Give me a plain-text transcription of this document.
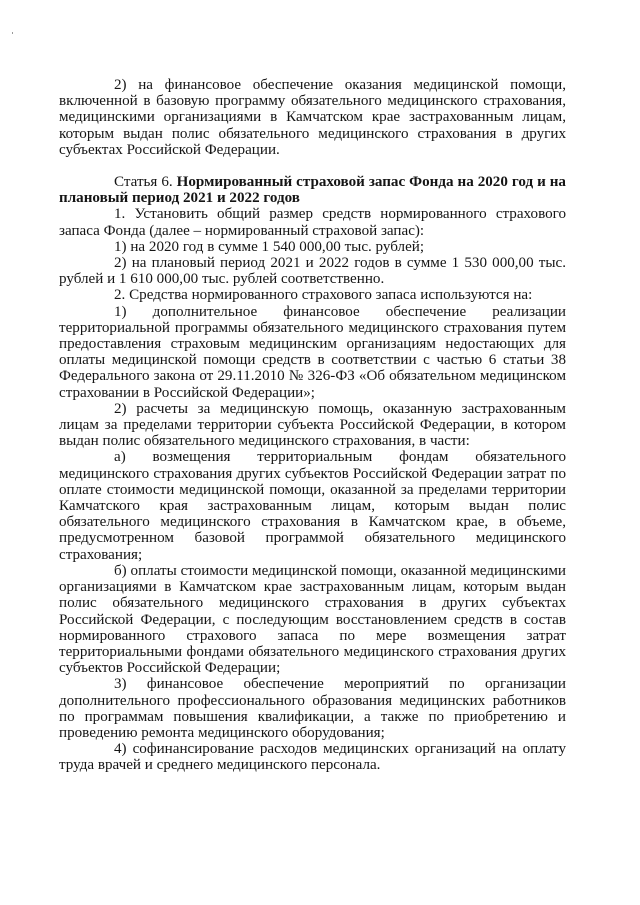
2) на финансовое обеспечение оказания медицинской помощи, включенной в базовую программу обязательного медицинского страхования, медицинскими организациями в Камчатском крае застрахованным лицам, которым выдан полис обязательного медицинского страхования в других субъектах Российской Федерации.

Статья 6. Нормированный страховой запас Фонда на 2020 год и на плановый период 2021 и 2022 годов

1. Установить общий размер средств нормированного страхового запаса Фонда (далее – нормированный страховой запас):

1) на 2020 год в сумме 1 540 000,00 тыс. рублей;

2) на плановый период 2021 и 2022 годов в сумме 1 530 000,00 тыс. рублей и 1 610 000,00 тыс. рублей соответственно.

2. Средства нормированного страхового запаса используются на:

1) дополнительное финансовое обеспечение реализации территориальной программы обязательного медицинского страхования путем предоставления страховым медицинским организациям недостающих для оплаты медицинской помощи средств в соответствии с частью 6 статьи 38 Федерального закона от 29.11.2010 № 326-ФЗ «Об обязательном медицинском страховании в Российской Федерации»;

2) расчеты за медицинскую помощь, оказанную застрахованным лицам за пределами территории субъекта Российской Федерации, в котором выдан полис обязательного медицинского страхования, в части:

а) возмещения территориальным фондам обязательного медицинского страхования других субъектов Российской Федерации затрат по оплате стоимости медицинской помощи, оказанной за пределами территории Камчатского края застрахованным лицам, которым выдан полис обязательного медицинского страхования в Камчатском крае, в объеме, предусмотренном базовой программой обязательного медицинского страхования;

б) оплаты стоимости медицинской помощи, оказанной медицинскими организациями в Камчатском крае застрахованным лицам, которым выдан полис обязательного медицинского страхования в других субъектах Российской Федерации, с последующим восстановлением средств в состав нормированного страхового запаса по мере возмещения затрат территориальными фондами обязательного медицинского страхования других субъектов Российской Федерации;

3) финансовое обеспечение мероприятий по организации дополнительного профессионального образования медицинских работников по программам повышения квалификации, а также по приобретению и проведению ремонта медицинского оборудования;

4) софинансирование расходов медицинских организаций на оплату труда врачей и среднего медицинского персонала.
